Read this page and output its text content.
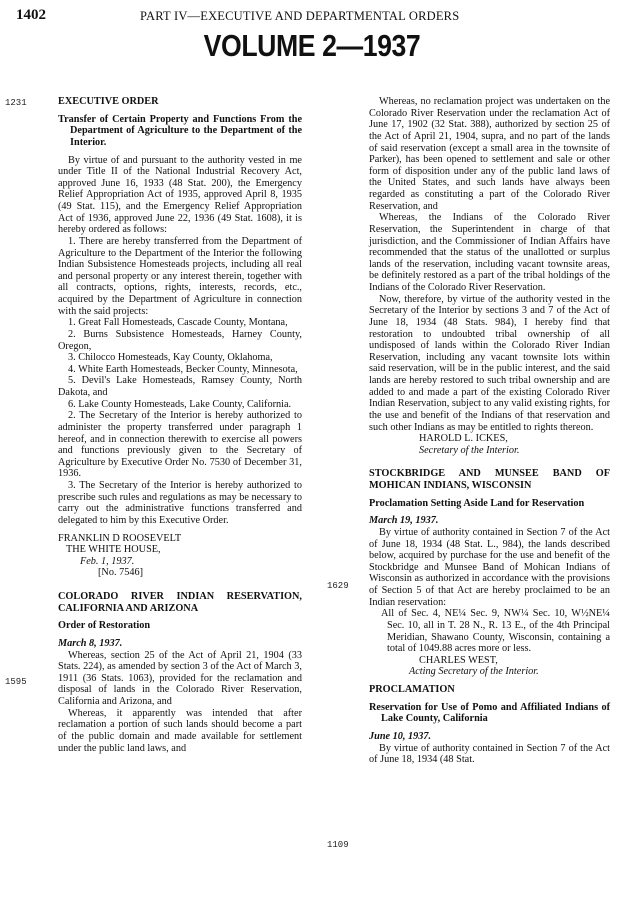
1402	PART IV—EXECUTIVE AND DEPARTMENTAL ORDERS
VOLUME 2—1937
1231
1595
1629
1109

EXECUTIVE ORDER

Transfer of Certain Property and Functions From the Department of Agriculture to the Department of the Interior.

By virtue of and pursuant to the authority vested in me under Title II of the National Industrial Recovery Act, approved June 16, 1933 (48 Stat. 200), the Emergency Relief Appropriation Act of 1935, approved April 8, 1935 (49 Stat. 115), and the Emergency Relief Appropriation Act of 1936, approved June 22, 1936 (49 Stat. 1608), it is hereby ordered as follows:

1. There are hereby transferred from the Department of Agriculture to the Department of the Interior the following Indian Subsistence Homesteads projects, including all real and personal property or any interest therein, together with all contracts, options, rights, interests, records, etc., acquired by the Department of Agriculture in connection with the said projects:

1. Great Fall Homesteads, Cascade County, Montana,

2. Burns Subsistence Homesteads, Harney County, Oregon,

3. Chilocco Homesteads, Kay County, Oklahoma,

4. White Earth Homesteads, Becker County, Minnesota,

5. Devil's Lake Homesteads, Ramsey County, North Dakota, and

6. Lake County Homesteads, Lake County, California.

2. The Secretary of the Interior is hereby authorized to administer the property transferred under paragraph 1 hereof, and in connection therewith to exercise all powers and functions previously given to the Secretary of Agriculture by Executive Order No. 7530 of December 31, 1936.

3. The Secretary of the Interior is hereby authorized to prescribe such rules and regulations as may be necessary to carry out the administrative functions transferred and delegated to him by this Executive Order.

FRANKLIN D ROOSEVELT

THE WHITE HOUSE,

Feb. 1, 1937.

[No. 7546]

COLORADO RIVER INDIAN RESERVATION, CALIFORNIA AND ARIZONA

Order of Restoration

March 8, 1937.

Whereas, section 25 of the Act of April 21, 1904 (33 Stats. 224), as amended by section 3 of the Act of March 3, 1911 (36 Stats. 1063), provided for the reclamation and disposal of lands in the Colorado River Reservation, California and Arizona, and

Whereas, it apparently was intended that after reclamation a portion of such lands should become a part of the public domain and made available for settlement under the public land laws, and

Whereas, no reclamation project was undertaken on the Colorado River Reservation under the reclamation Act of June 17, 1902 (32 Stat. 388), authorized by section 25 of the Act of April 21, 1904, supra, and no part of the lands of said reservation (except a small area in the townsite of Parker), has been opened to settlement and sale or other form of disposition under any of the public land laws of the United States, and such lands have always been regarded as constituting a part of the Colorado River Reservation, and

Whereas, the Indians of the Colorado River Reservation, the Superintendent in charge of that jurisdiction, and the Commissioner of Indian Affairs have recommended that the status of the unallotted or surplus lands of the reservation, including vacant townsite areas, be definitely restored as a part of the tribal holdings of the Indians of the Colorado River Reservation.

Now, therefore, by virtue of the authority vested in the Secretary of the Interior by sections 3 and 7 of the Act of June 18, 1934 (48 Stats. 984), I hereby find that restoration to undoubted tribal ownership of all undisposed of lands within the Colorado River Indian Reservation, including any vacant townsite lots within said reservation, will be in the public interest, and the said lands are hereby restored to such tribal ownership and are added to and made a part of the existing Colorado River Indian Reservation, subject to any valid existing rights, for the use and benefit of the Indians of that reservation and such other Indians as may be entitled to rights thereon.

HAROLD L. ICKES,

Secretary of the Interior.

STOCKBRIDGE AND MUNSEE BAND OF MOHICAN INDIANS, WISCONSIN

Proclamation Setting Aside Land for Reservation

March 19, 1937.

By virtue of authority contained in Section 7 of the Act of June 18, 1934 (48 Stat. L., 984), the lands described below, acquired by purchase for the use and benefit of the Stockbridge and Munsee Band of Mohican Indians of Wisconsin as authorized in accordance with the provisions of Section 5 of that Act are hereby proclaimed to be an Indian reservation:

All of Sec. 4, NE¼ Sec. 9, NW¼ Sec. 10, W½NE¼ Sec. 10, all in T. 28 N., R. 13 E., of the 4th Principal Meridian, Shawano County, Wisconsin, containing a total of 1049.88 acres more or less.

CHARLES WEST,

Acting Secretary of the Interior.

PROCLAMATION

Reservation for Use of Pomo and Affiliated Indians of Lake County, California

June 10, 1937.

By virtue of authority contained in Section 7 of the Act of June 18, 1934 (48 Stat.
